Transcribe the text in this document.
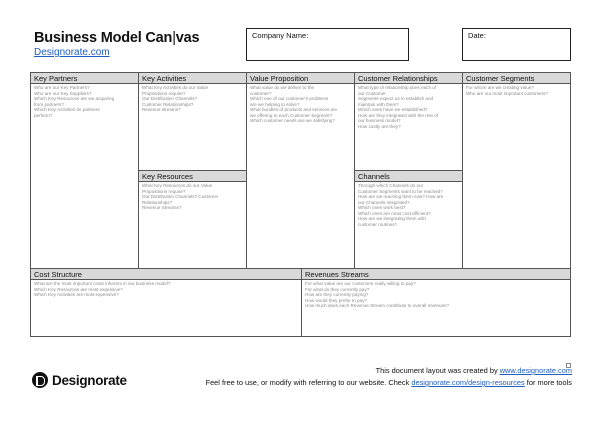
Business Model Can|vas
Designorate.com
Company Name:	Date:
Key Partners
Who are our Key Partners?
Who are our Key Suppliers?
Which Key Resources are we acquiring
from partners?
Which Key Activities do partners
perform?
Key Activities
What Key Activities do our Value
Propositions require?
Our Distribution Channels?
Customer Relationships?
Revenue streams?
Key Resources
What Key Resources do our Value
Propositions require?
Our Distribution Channels? Customer
Relationships?
Revenue Streams?
Value Proposition
What value do we deliver to the
customer?
Which one of our customer's problems
are we helping to solve?
What bundles of products and services are
we offering to each Customer Segment?
Which customer needs are we satisfying?
Customer Relationships
What type of relationship does each of
our Customer
Segments expect us to establish and
maintain with them?
Which ones have we established?
How are they integrated with the rest of
our business model?
How costly are they?
Channels
Through which Channels do our
Customer Segments want to be reached?
How are we reaching them now? How are
our Channels integrated?
Which ones work best?
Which ones are most cost-efficient?
How are we integrating them with
customer routines?
Customer Segments
For whom are we creating value?
Who are our most important customers?
Cost Structure
What are the most important costs inherent in our business model?
Which Key Resources are most expensive?
Which Key Activities are most expensive?
Revenues Streams
For what value are our customers really willing to pay?
For what do they currently pay?
How are they currently paying?
How would they prefer to pay?
How much does each Revenue Stream contribute to overall revenues?
Designorate
This document layout was created by www.designorate.com
Feel free to use, or modify with referring to our website. Check designorate.com/design-resources for more tools
